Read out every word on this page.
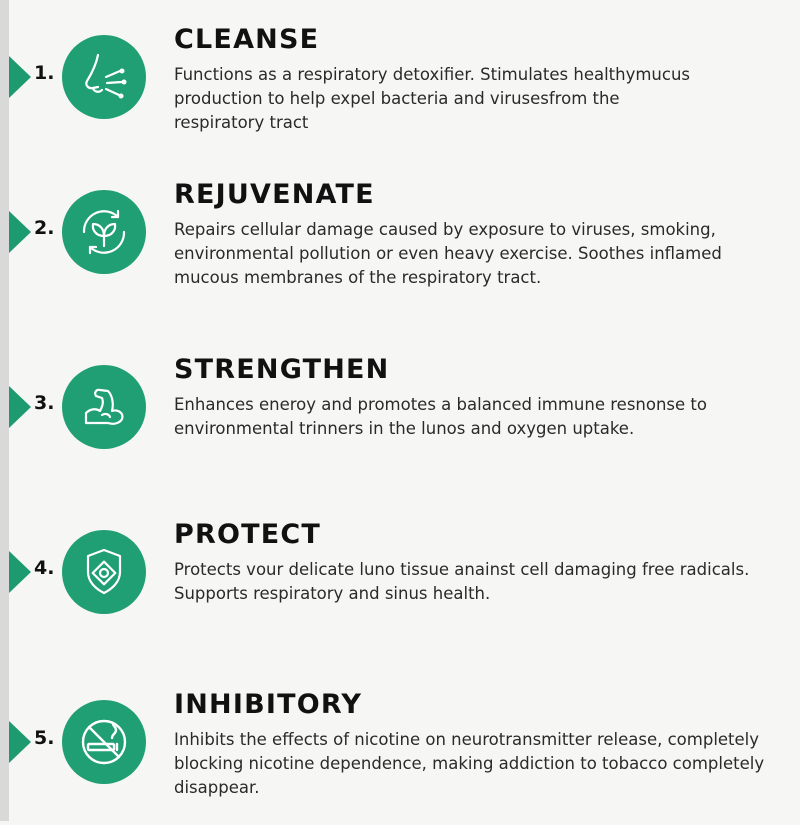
1.
CLEANSE
Functions as a respiratory detoxifier. Stimulates healthymucus
production to help expel bacteria and virusesfrom the
respiratory tract
2.
REJUVENATE
Repairs cellular damage caused by exposure to viruses, smoking,
environmental pollution or even heavy exercise. Soothes inflamed
mucous membranes of the respiratory tract.
3.
STRENGTHEN
Enhances eneroy and promotes a balanced immune resnonse to
environmental trinners in the lunos and oxygen uptake.
4.
PROTECT
Protects vour delicate luno tissue anainst cell damaging free radicals.
Supports respiratory and sinus health.
5.
INHIBITORY
Inhibits the effects of nicotine on neurotransmitter release, completely
blocking nicotine dependence, making addiction to tobacco completely
disappear.
